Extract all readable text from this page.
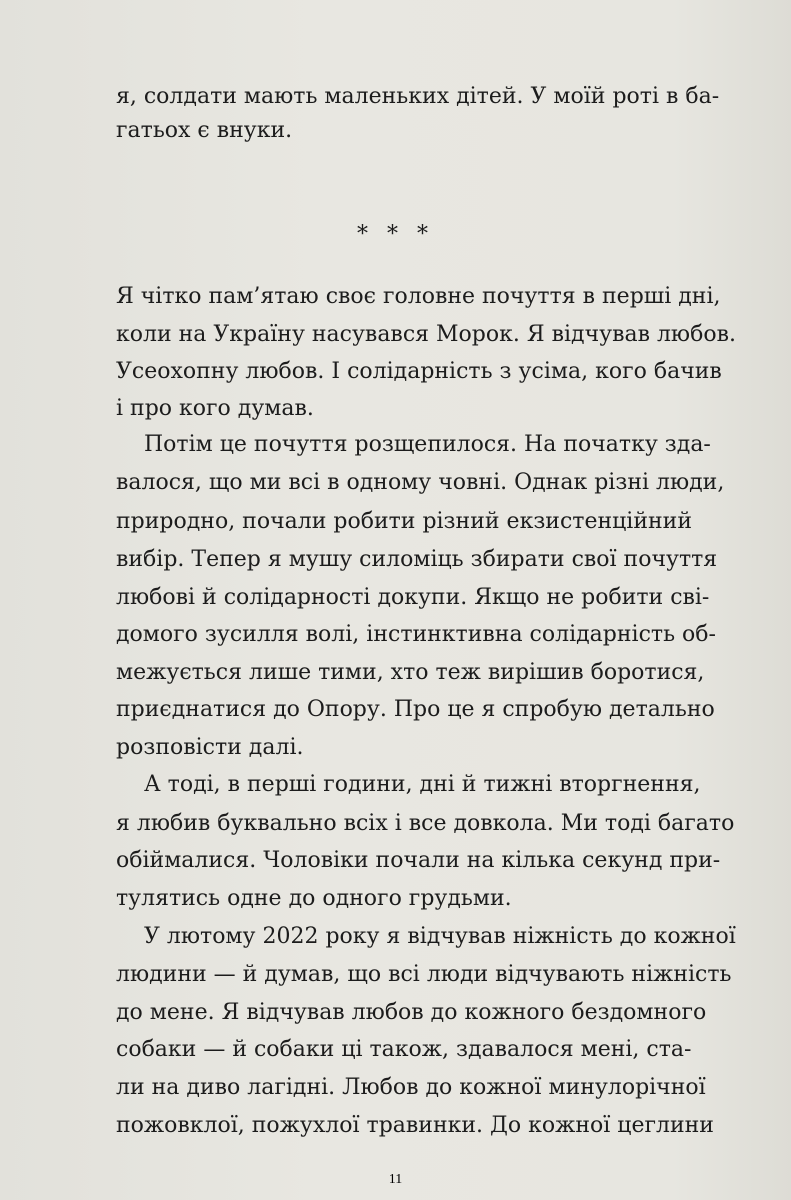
я, солдати мають маленьких дітей. У моїй роті в ба-
гатьох є внуки.
* * *
Я чітко пам’ятаю своє головне почуття в перші дні,
коли на Україну насувався Морок. Я відчував любов.
Усеохопну любов. І солідарність з усіма, кого бачив
і про кого думав.
Потім це почуття розщепилося. На початку зда-
валося, що ми всі в одному човні. Однак різні люди,
природно, почали робити різний екзистенційний
вибір. Тепер я мушу силоміць збирати свої почуття
любові й солідарності докупи. Якщо не робити сві-
домого зусилля волі, інстинктивна солідарність об-
межується лише тими, хто теж вирішив боротися,
приєднатися до Опору. Про це я спробую детально
розповісти далі.
А тоді, в перші години, дні й тижні вторгнення,
я любив буквально всіх і все довкола. Ми тоді багато
обіймалися. Чоловіки почали на кілька секунд при-
тулятись одне до одного грудьми.
У лютому 2022 року я відчував ніжність до кожної
людини — й думав, що всі люди відчувають ніжність
до мене. Я відчував любов до кожного бездомного
собаки — й собаки ці також, здавалося мені, ста-
ли на диво лагідні. Любов до кожної минулорічної
пожовклої, пожухлої травинки. До кожної цеглини
11
